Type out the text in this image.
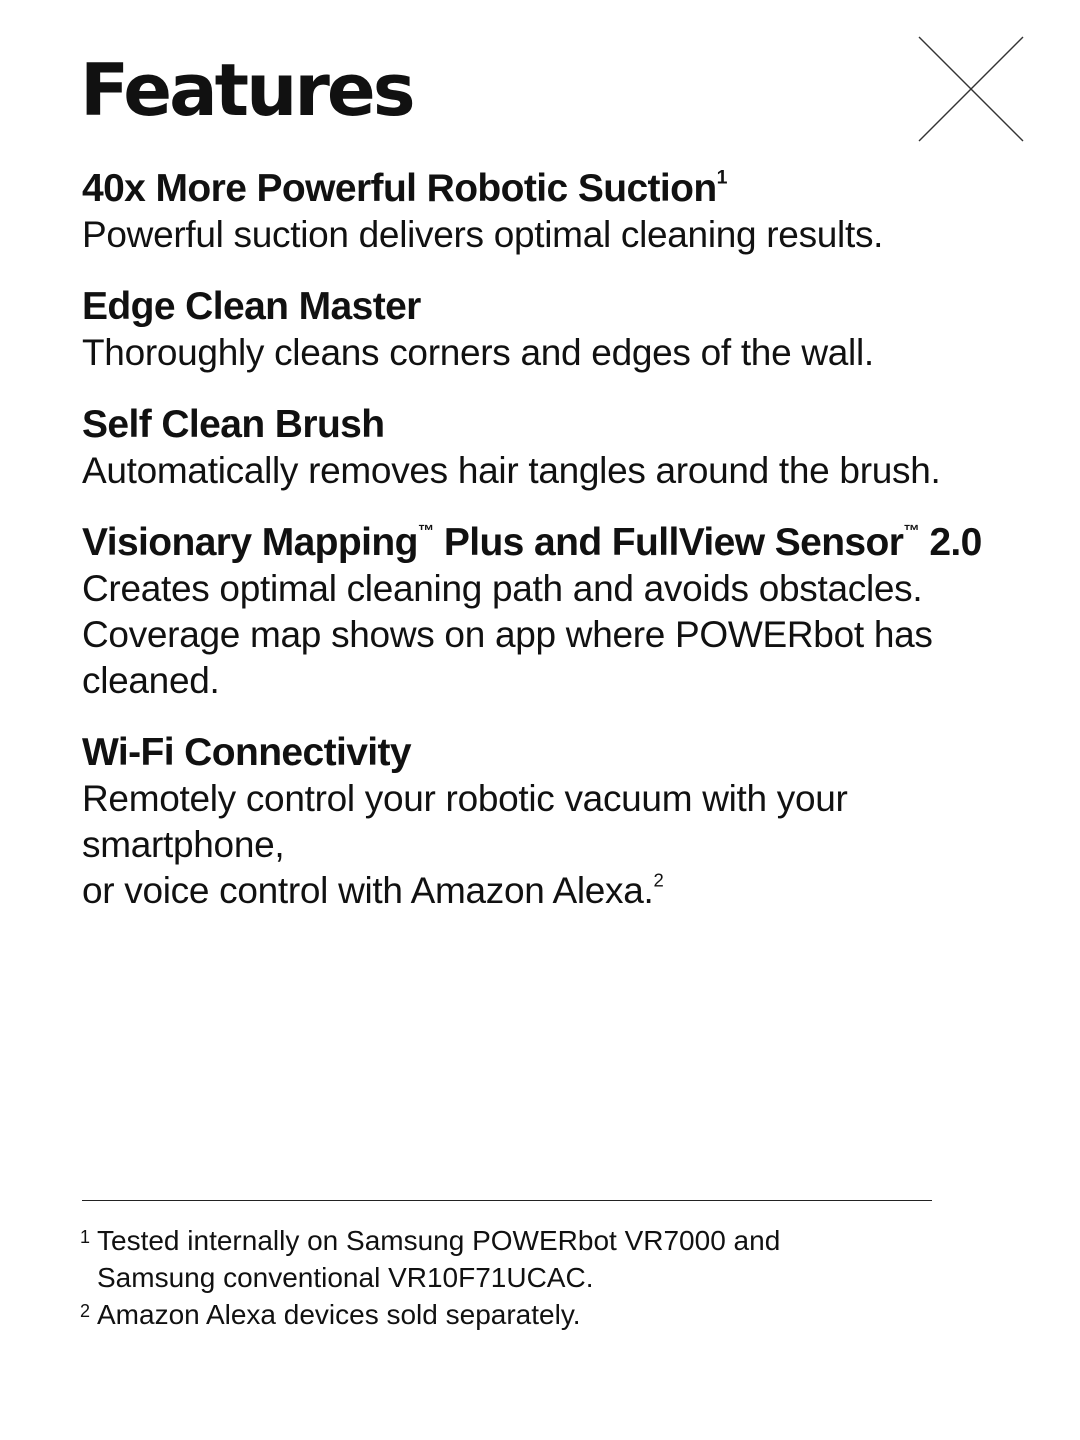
Features
40x More Powerful Robotic Suction$^1$
Powerful suction delivers optimal cleaning results.
Edge Clean Master
Thoroughly cleans corners and edges of the wall.
Self Clean Brush
Automatically removes hair tangles around the brush.
Visionary Mapping™ Plus and FullView Sensor™ 2.0
Creates optimal cleaning path and avoids obstacles.
Coverage map shows on app where POWERbot has
cleaned.
Wi-Fi Connectivity
Remotely control your robotic vacuum with your
smartphone,
or voice control with Amazon Alexa.$^2$
1 Tested internally on Samsung POWERbot VR7000 and
Samsung conventional VR10F71UCAC.
2 Amazon Alexa devices sold separately.
